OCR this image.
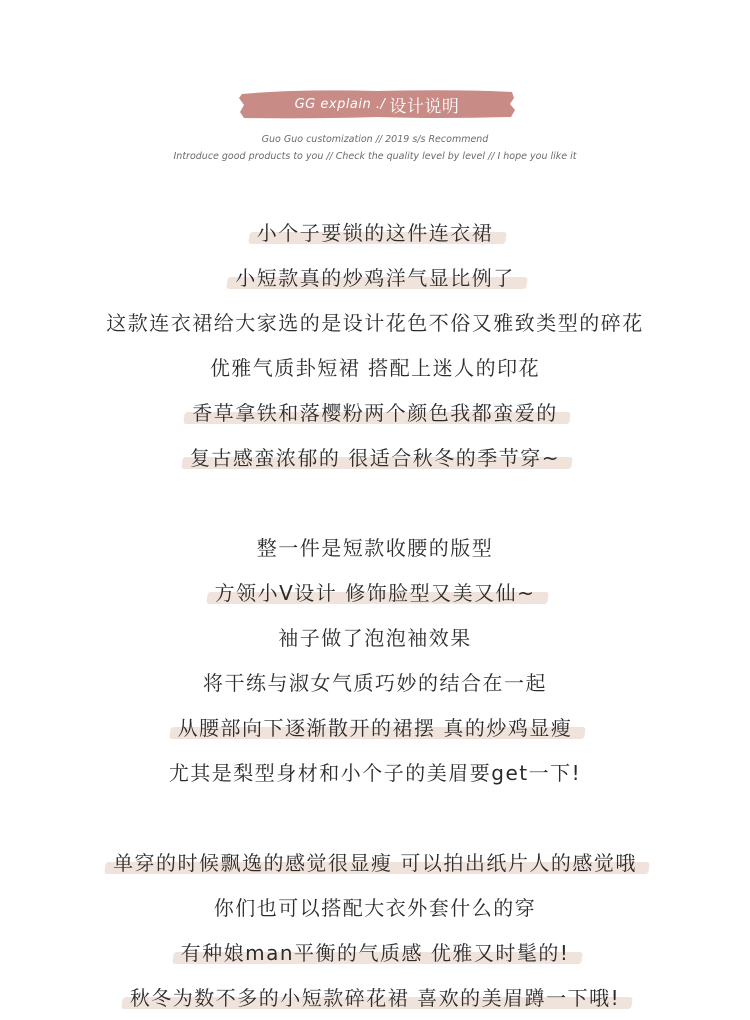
GG explain ./ 设计说明
Guo Guo customization // 2019 s/s Recommend
Introduce good products to you // Check the quality level by level // I hope you like it
小个子要锁的这件连衣裙
小短款真的炒鸡洋气显比例了
这款连衣裙给大家选的是设计花色不俗又雅致类型的碎花
优雅气质卦短裙 搭配上迷人的印花
香草拿铁和落樱粉两个颜色我都蛮爱的
复古感蛮浓郁的 很适合秋冬的季节穿~
整一件是短款收腰的版型
方领小V设计 修饰脸型又美又仙~
袖子做了泡泡袖效果
将干练与淑女气质巧妙的结合在一起
从腰部向下逐渐散开的裙摆 真的炒鸡显瘦
尤其是梨型身材和小个子的美眉要get一下!
单穿的时候飘逸的感觉很显瘦 可以拍出纸片人的感觉哦
你们也可以搭配大衣外套什么的穿
有种娘man平衡的气质感 优雅又时髦的!
秋冬为数不多的小短款碎花裙 喜欢的美眉蹲一下哦!
